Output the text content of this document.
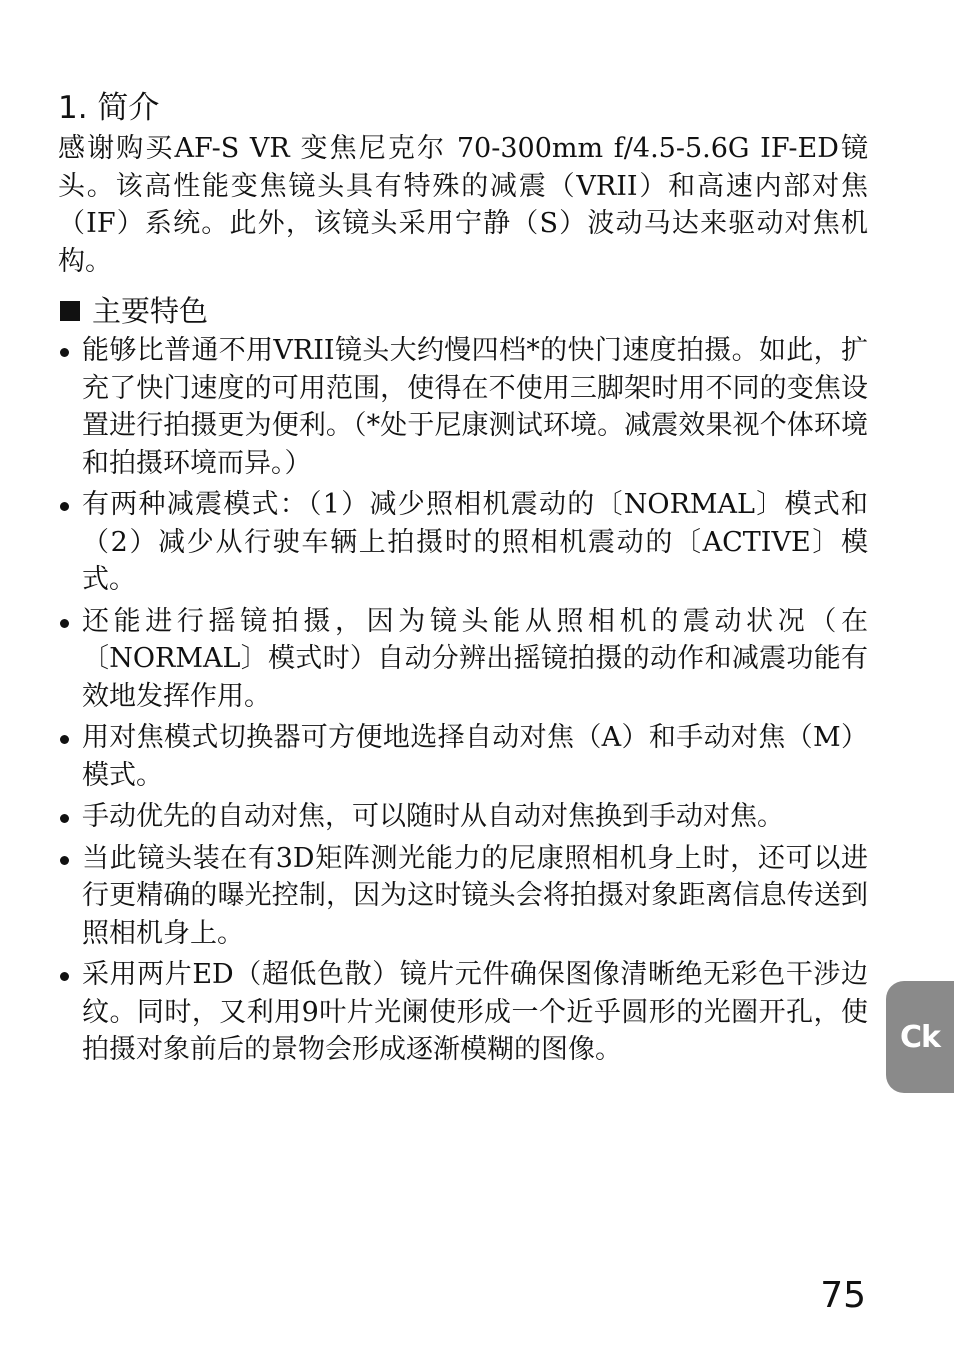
1. 简介

感谢购买AF-S VR 变焦尼克尔 70-300mm f/4.5-5.6G IF-ED镜头。该高性能变焦镜头具有特殊的减震（VRII）和高速内部对焦（IF）系统。此外，该镜头采用宁静（S）波动马达来驱动对焦机构。

主要特色
能够比普通不用VRII镜头大约慢四档*的快门速度拍摄。如此，扩充了快门速度的可用范围，使得在不使用三脚架时用不同的变焦设置进行拍摄更为便利。（*处于尼康测试环境。减震效果视个体环境和拍摄环境而异。）
有两种减震模式：（1）减少照相机震动的〔NORMAL〕模式和（2）减少从行驶车辆上拍摄时的照相机震动的〔ACTIVE〕模式。
还能进行摇镜拍摄，因为镜头能从照相机的震动状况（在〔NORMAL〕模式时）自动分辨出摇镜拍摄的动作和减震功能有效地发挥作用。
用对焦模式切换器可方便地选择自动对焦（A）和手动对焦（M）模式。
手动优先的自动对焦，可以随时从自动对焦换到手动对焦。
当此镜头装在有3D矩阵测光能力的尼康照相机身上时，还可以进行更精确的曝光控制，因为这时镜头会将拍摄对象距离信息传送到照相机身上。
采用两片ED（超低色散）镜片元件确保图像清晰绝无彩色干涉边纹。同时，又利用9叶片光阑使形成一个近乎圆形的光圈开孔，使拍摄对象前后的景物会形成逐渐模糊的图像。	Ck
75
